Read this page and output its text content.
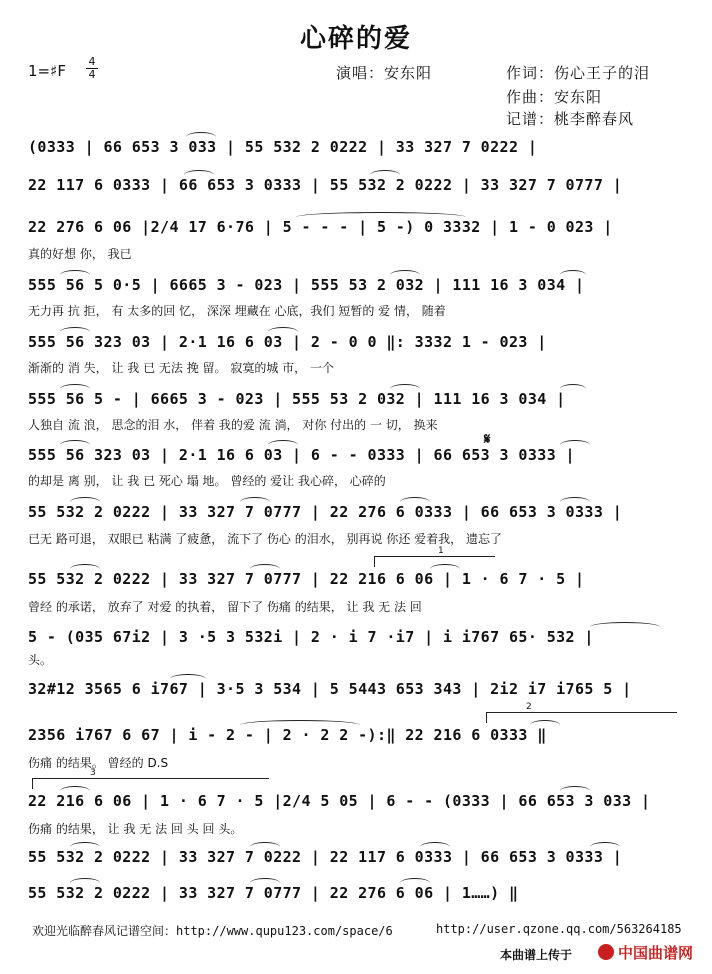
心碎的爱
1=♯F
4
4	演唱：安东阳	作词：伤心王子的泪
作曲：安东阳
记谱：桃李醉春风
(0333 | 66 653 3 033 | 55 532 2 0222 | 33 327 7 0222 |
22 117 6 0333 | 66 653 3 0333 | 55 532 2 0222 | 33 327 7 0777 |
22 276 6 06 |2/4 17 6·76 | 5 - - - | 5 -) 0 3332 | 1 - 0 023 |
真的好想 你， 我已
555 56 5 0·5 | 6665 3 - 023 | 555 53 2 032 | 111 16 3 034 |
无力再 抗 拒， 有 太多的回 忆， 深深 埋藏在 心底，我们 短暂的 爱 情， 随着
555 56 323 03 | 2·1 16 6 03 | 2 - 0 0 ‖: 3332 1 - 023 |
渐渐的 消 失， 让 我 已 无法 挽 留。 寂寞的城 市， 一个
555 56 5 - | 6665 3 - 023 | 555 53 2 032 | 111 16 3 034 |
人独自 流 浪， 思念的泪 水， 伴着 我的爱 流 淌， 对你 付出的 一 切， 换来
555 56 323 03 | 2·1 16 6 03 | 6 - - 0333 | 66 653 3 0333 |
的却是 离 别， 让 我 已 死心 塌 地。 曾经的 爱让 我心碎， 心碎的
55 532 2 0222 | 33 327 7 0777 | 22 276 6 0333 | 66 653 3 0333 |
已无 路可退， 双眼已 粘满 了疲惫， 流下了 伤心 的泪水， 别再说 你还 爱着我， 遗忘了
55 532 2 0222 | 33 327 7 0777 | 22 216 6 06 | 1 · 6 7 · 5 |
曾经 的承诺， 放弃了 对爱 的执着， 留下了 伤痛 的结果， 让 我 无 法 回
5 - (035 67i2 | 3 ·5 3 532i | 2 · i 7 ·i7 | i i767 65· 532 |
头。
32#12 3565 6 i767 | 3·5 3 534 | 5 5443 653 343 | 2i2 i7 i765 5 |
2356 i767 6 67 | i - 2 - | 2 · 2 2 -):‖ 22 216 6 0333 ‖
伤痛 的结果。 曾经的 D.S
22 216 6 06 | 1 · 6 7 · 5 |2/4 5 05 | 6 - - (0333 | 66 653 3 033 |
伤痛 的结果， 让 我 无 法 回 头 回 头。
55 532 2 0222 | 33 327 7 0222 | 22 117 6 0333 | 66 653 3 0333 |
55 532 2 0222 | 33 327 7 0777 | 22 276 6 06 | 1……) ‖
1
2
3
𝄋
欢迎光临醉春风记谱空间：http://www.qupu123.com/space/6	http://user.qzone.qq.com/563264185
本曲谱上传于	中国曲谱网
